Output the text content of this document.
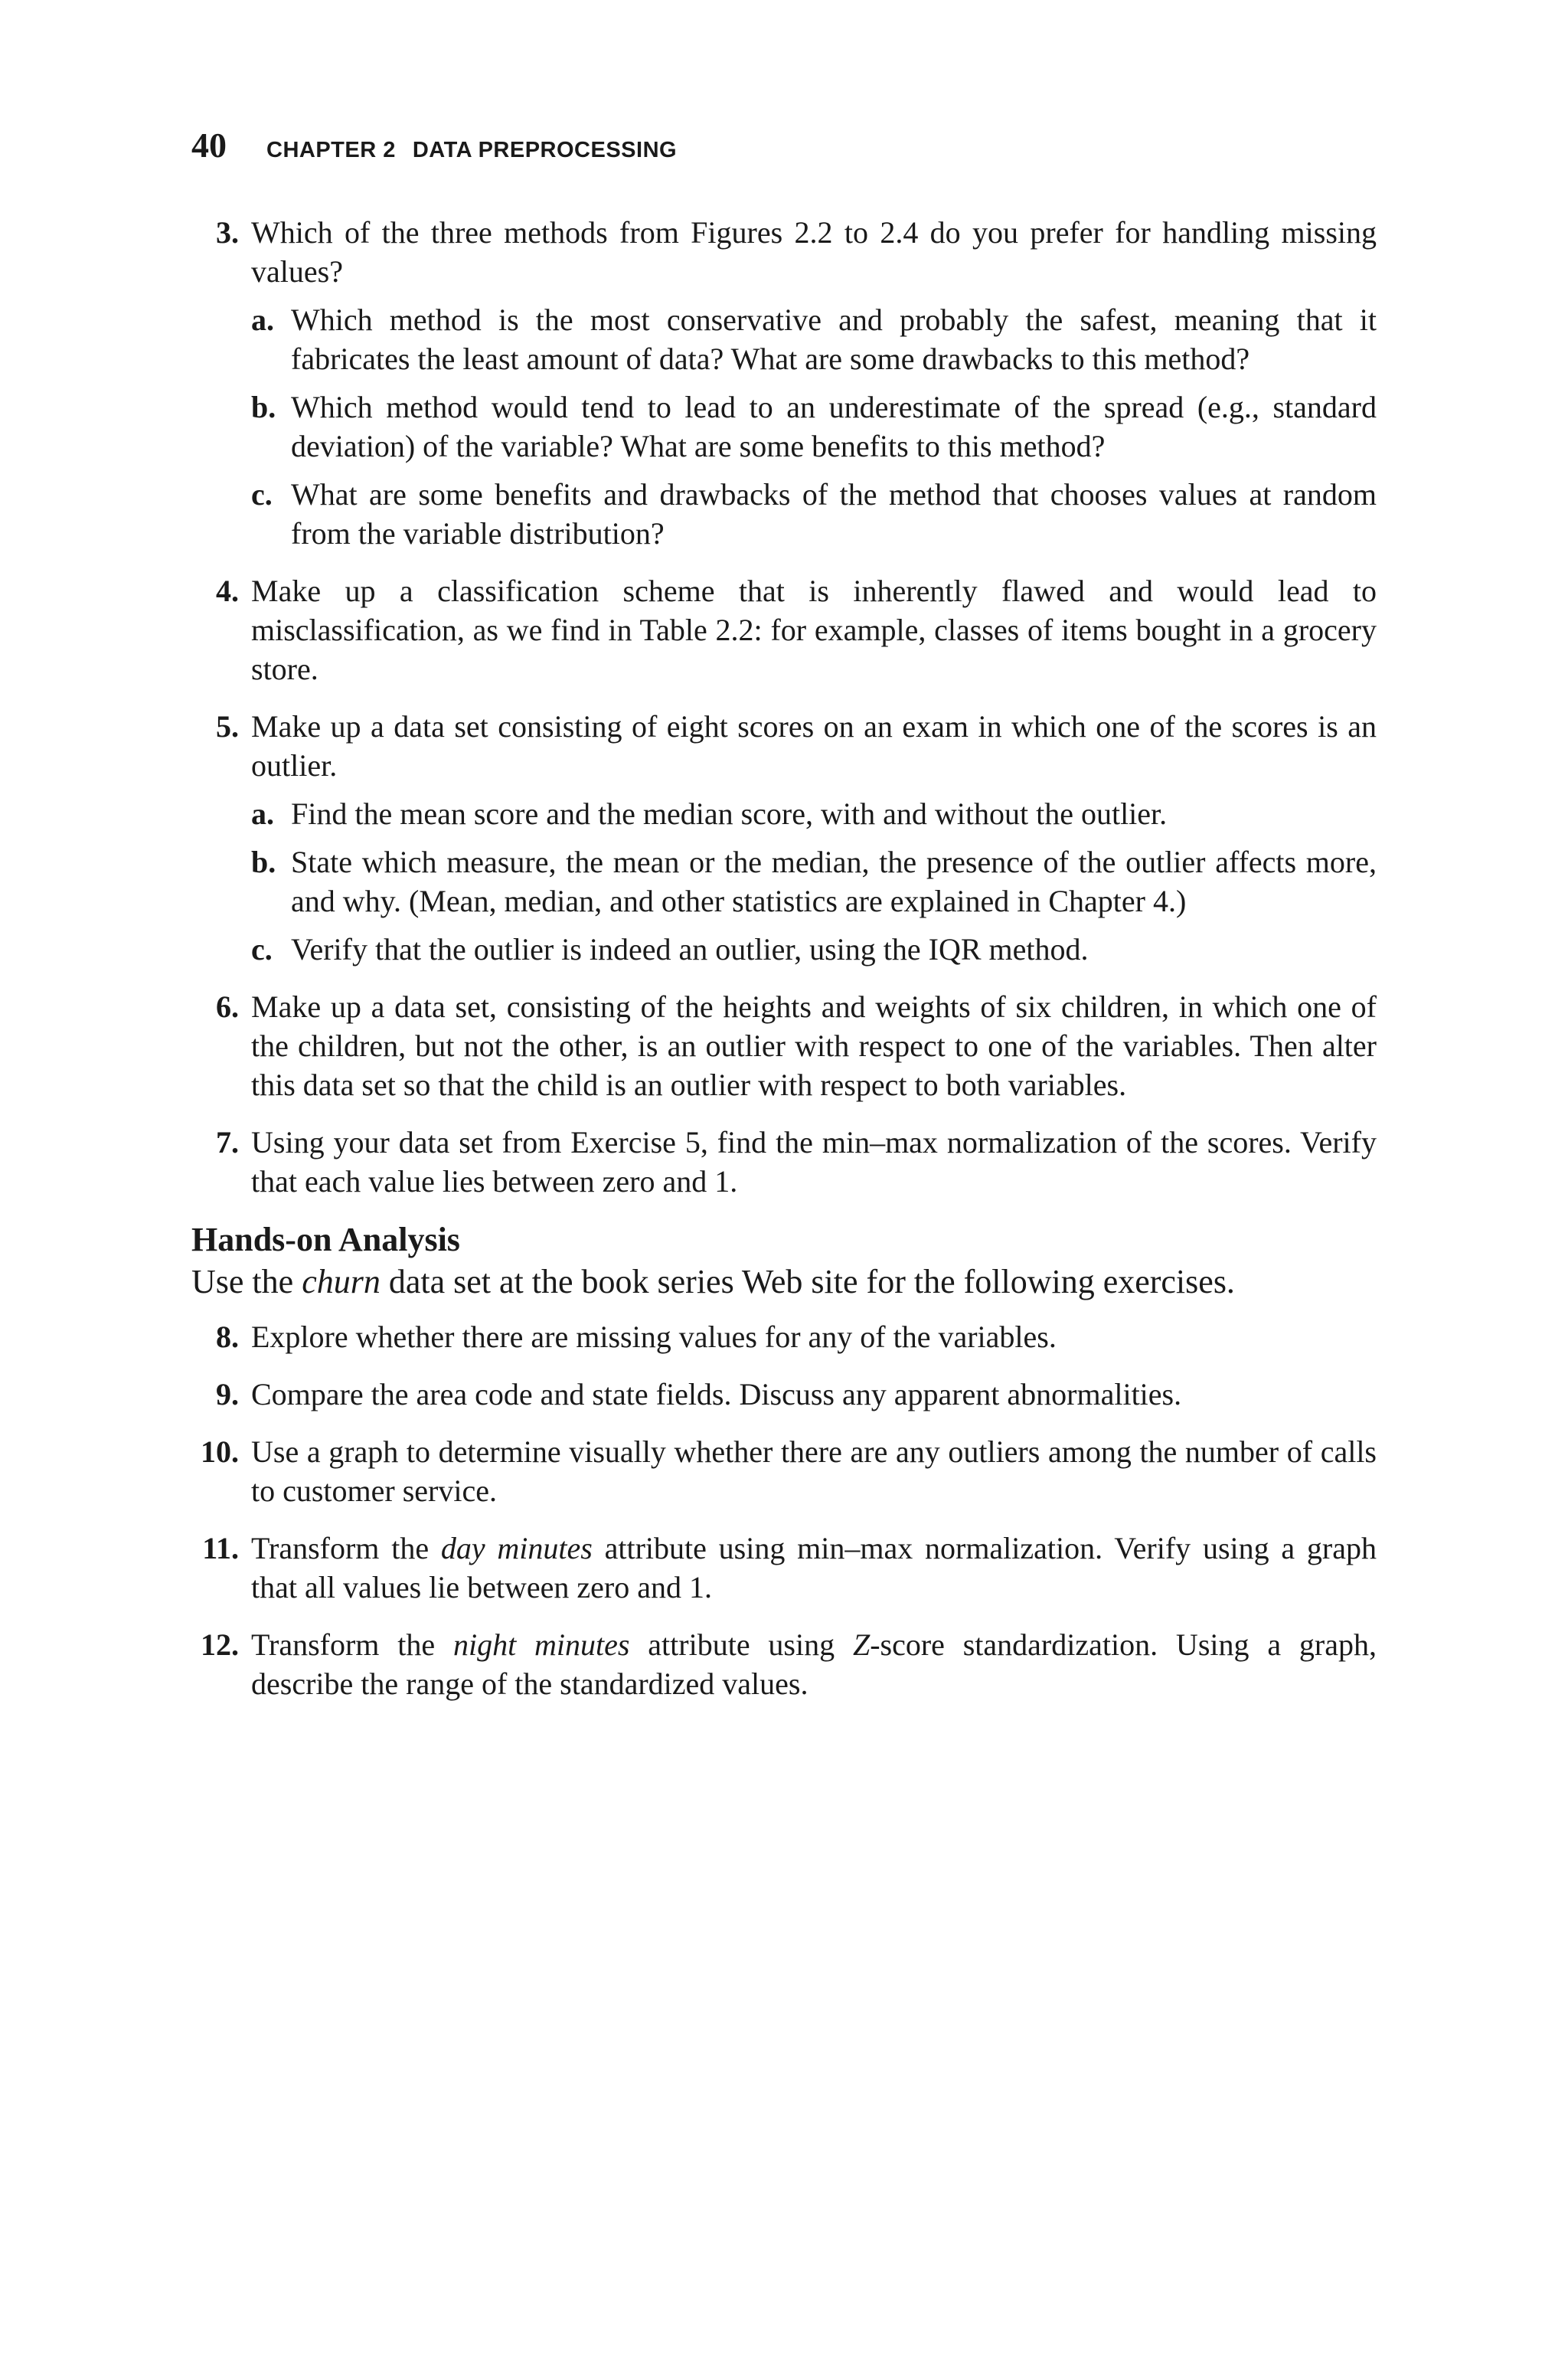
40 CHAPTER 2 DATA PREPROCESSING
3. Which of the three methods from Figures 2.2 to 2.4 do you prefer for handling missing values?
a. Which method is the most conservative and probably the safest, meaning that it fabricates the least amount of data? What are some drawbacks to this method?
b. Which method would tend to lead to an underestimate of the spread (e.g., standard deviation) of the variable? What are some benefits to this method?
c. What are some benefits and drawbacks of the method that chooses values at random from the variable distribution?
4. Make up a classification scheme that is inherently flawed and would lead to misclassification, as we find in Table 2.2: for example, classes of items bought in a grocery store.
5. Make up a data set consisting of eight scores on an exam in which one of the scores is an outlier.
a. Find the mean score and the median score, with and without the outlier.
b. State which measure, the mean or the median, the presence of the outlier affects more, and why. (Mean, median, and other statistics are explained in Chapter 4.)
c. Verify that the outlier is indeed an outlier, using the IQR method.
6. Make up a data set, consisting of the heights and weights of six children, in which one of the children, but not the other, is an outlier with respect to one of the variables. Then alter this data set so that the child is an outlier with respect to both variables.
7. Using your data set from Exercise 5, find the min–max normalization of the scores. Verify that each value lies between zero and 1.
Hands-on Analysis
Use the churn data set at the book series Web site for the following exercises.
8. Explore whether there are missing values for any of the variables.
9. Compare the area code and state fields. Discuss any apparent abnormalities.
10. Use a graph to determine visually whether there are any outliers among the number of calls to customer service.
11. Transform the day minutes attribute using min–max normalization. Verify using a graph that all values lie between zero and 1.
12. Transform the night minutes attribute using Z-score standardization. Using a graph, describe the range of the standardized values.
